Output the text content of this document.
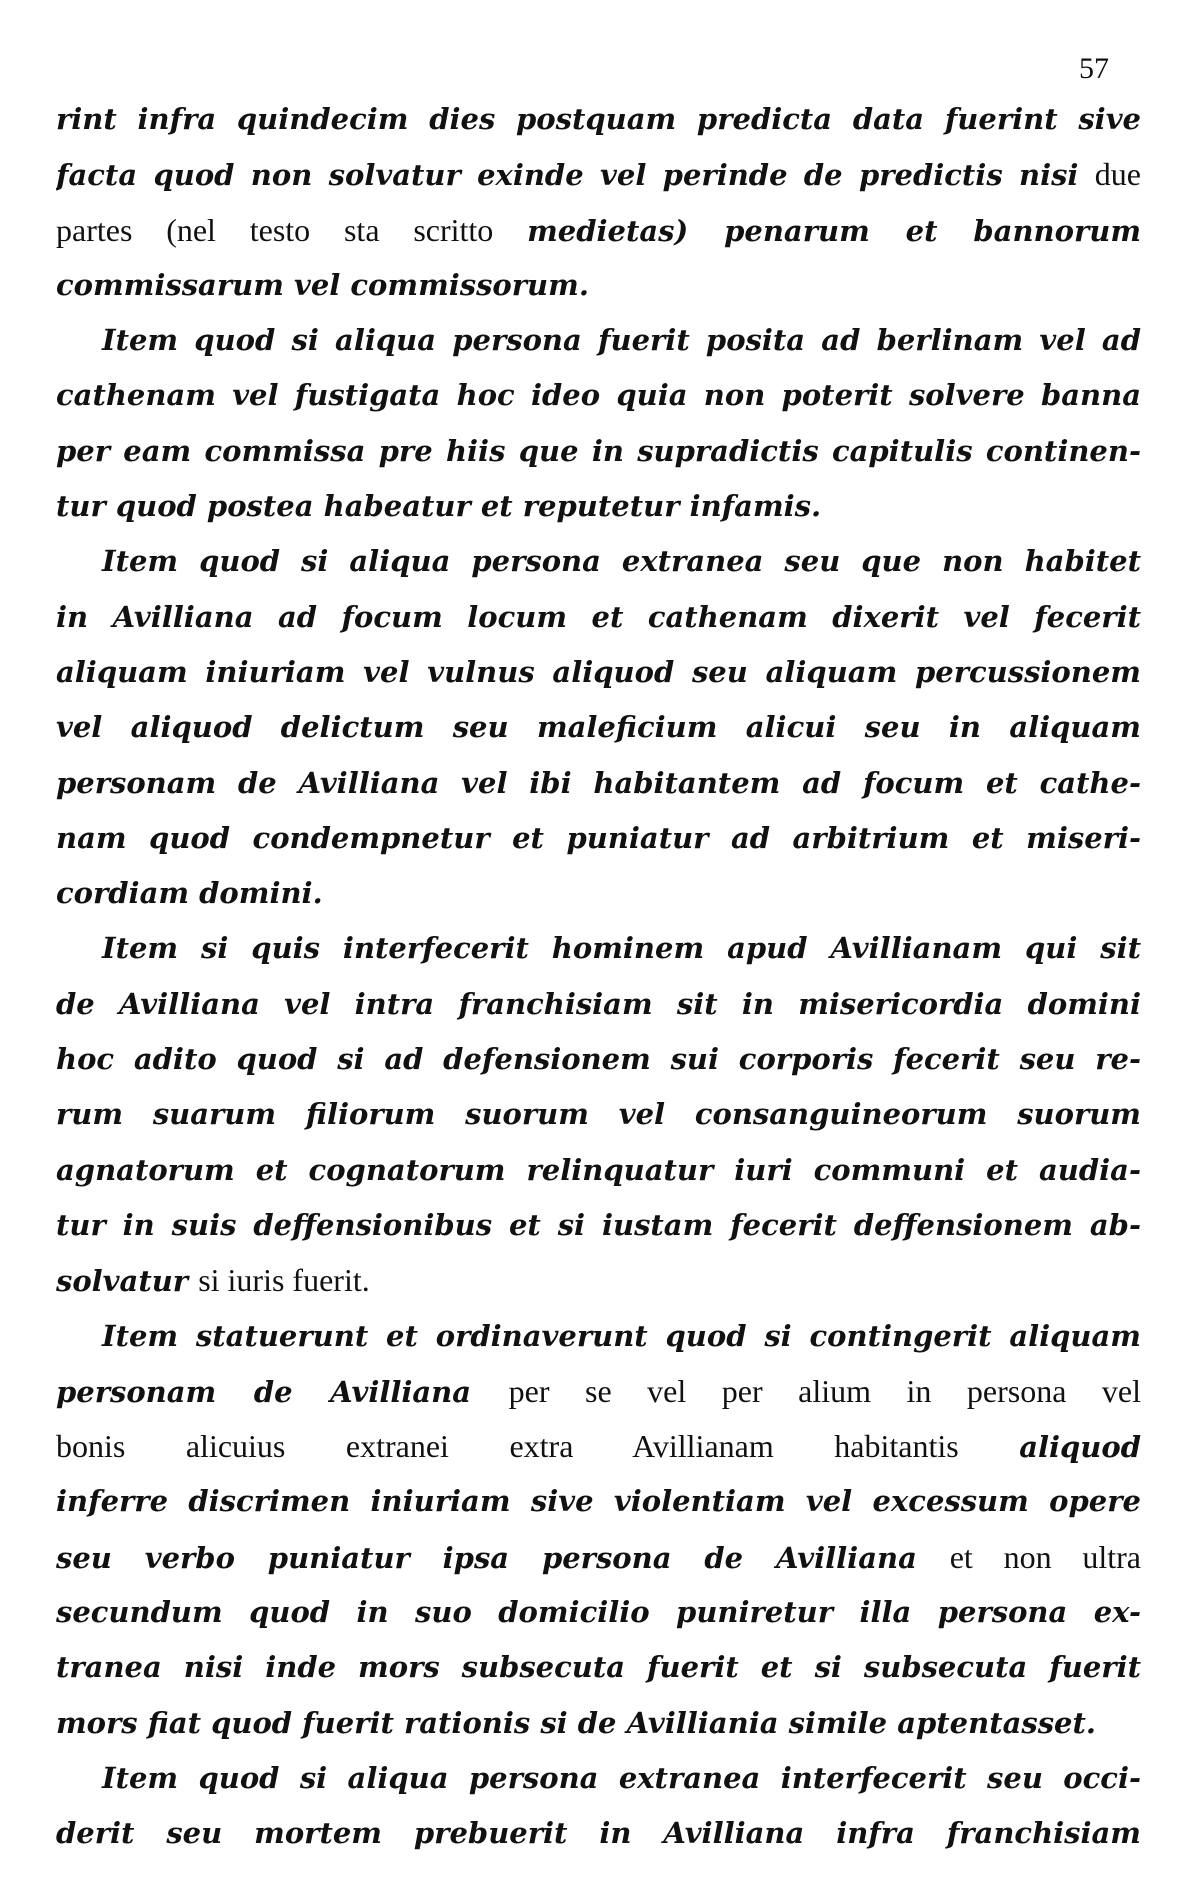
57
rint infra quindecim dies postquam predicta data fuerint sive
facta quod non solvatur exinde vel perinde de predictis nisi due
partes (nel testo sta scritto medietas) penarum et bannorum
commissarum vel commissorum.
Item quod si aliqua persona fuerit posita ad berlinam vel ad
cathenam vel fustigata hoc ideo quia non poterit solvere banna
per eam commissa pre hiis que in supradictis capitulis continen-
tur quod postea habeatur et reputetur infamis.
Item quod si aliqua persona extranea seu que non habitet
in Avilliana ad focum locum et cathenam dixerit vel fecerit
aliquam iniuriam vel vulnus aliquod seu aliquam percussionem
vel aliquod delictum seu maleficium alicui seu in aliquam
personam de Avilliana vel ibi habitantem ad focum et cathe-
nam quod condempnetur et puniatur ad arbitrium et miseri-
cordiam domini.
Item si quis interfecerit hominem apud Avillianam qui sit
de Avilliana vel intra franchisiam sit in misericordia domini
hoc adito quod si ad defensionem sui corporis fecerit seu re-
rum suarum filiorum suorum vel consanguineorum suorum
agnatorum et cognatorum relinquatur iuri communi et audia-
tur in suis deffensionibus et si iustam fecerit deffensionem ab-
solvatur si iuris fuerit.
Item statuerunt et ordinaverunt quod si contingerit aliquam
personam de Avilliana per se vel per alium in persona vel
bonis alicuius extranei extra Avillianam habitantis aliquod
inferre discrimen iniuriam sive violentiam vel excessum opere
seu verbo puniatur ipsa persona de Avilliana et non ultra
secundum quod in suo domicilio puniretur illa persona ex-
tranea nisi inde mors subsecuta fuerit et si subsecuta fuerit
mors fiat quod fuerit rationis si de Avilliania simile aptentasset.
Item quod si aliqua persona extranea interfecerit seu occi-
derit seu mortem prebuerit in Avilliana infra franchisiam
